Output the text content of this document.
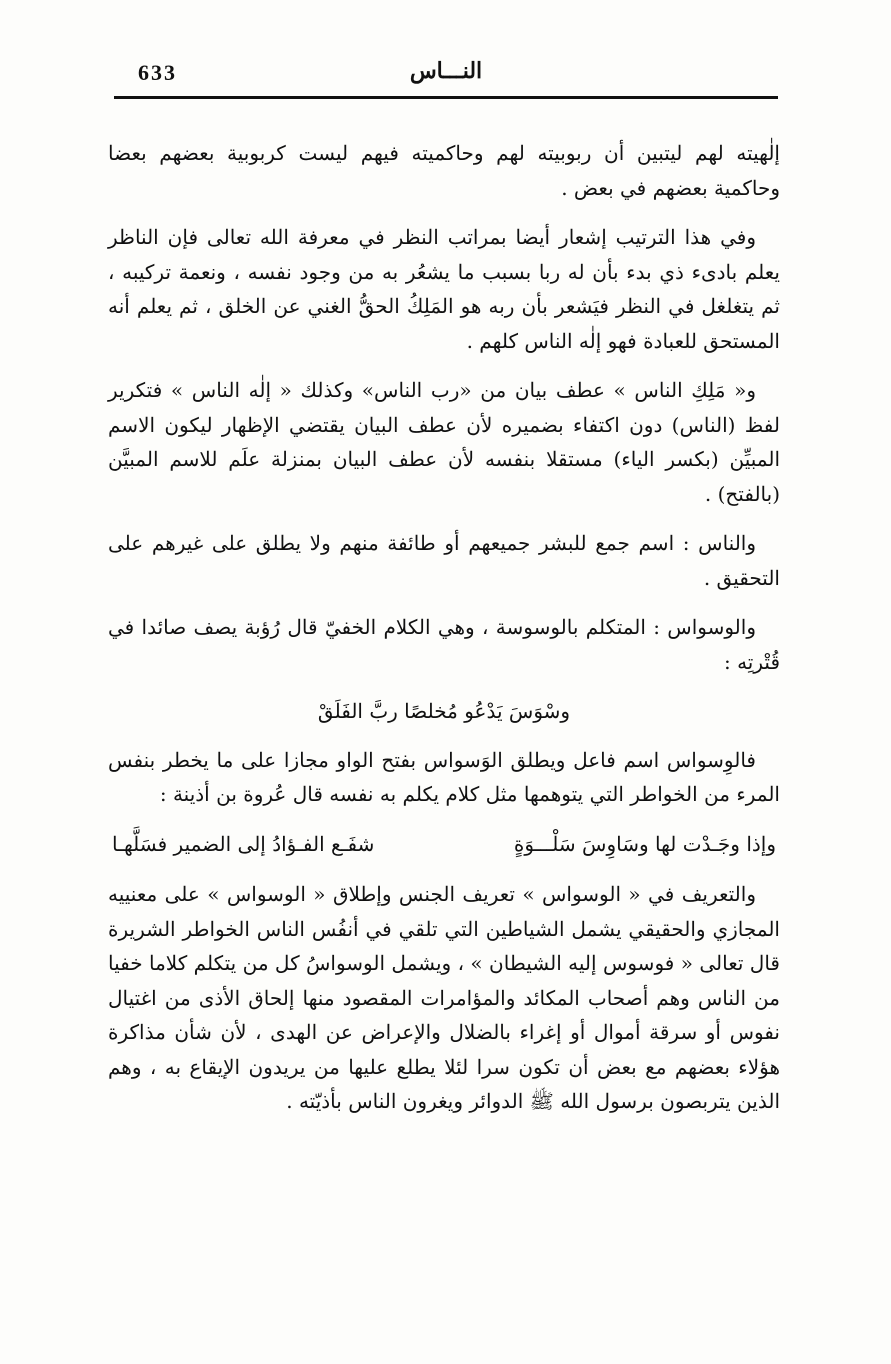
633	النـــاس

إلٰهيته لهم ليتبين أن ربوبيته لهم وحاكميته فيهم ليست كربوبية بعضهم بعضا وحاكمية بعضهم في بعض .

وفي هذا الترتيب إشعار أيضا بمراتب النظر في معرفة الله تعالى فإن الناظر يعلم بادىء ذي بدء بأن له ربا بسبب ما يشعُر به من وجود نفسه ، ونعمة تركيبه ، ثم يتغلغل في النظر فيَشعر بأن ربه هو المَلِكُ الحقُّ الغني عن الخلق ، ثم يعلم أنه المستحق للعبادة فهو إلٰه الناس كلهم .

و« مَلِكِ الناس » عطف بيان من «رب الناس» وكذلك « إلٰه الناس » فتكرير لفظ (الناس) دون اكتفاء بضميره لأن عطف البيان يقتضي الإظهار ليكون الاسم المبيِّن (بكسر الياء) مستقلا بنفسه لأن عطف البيان بمنزلة علَم للاسم المبيَّن (بالفتح) .

والناس : اسم جمع للبشر جميعهم أو طائفة منهم ولا يطلق على غيرهم على التحقيق .

والوسواس : المتكلم بالوسوسة ، وهي الكلام الخفيّ قال رُؤبة يصف صائدا في قُتْرتِه :

وسْوَسَ يَدْعُو مُخلصًا ربَّ الفَلَقْ

فالوِسواس اسم فاعل ويطلق الوَسواس بفتح الواو مجازا على ما يخطر بنفس المرء من الخواطر التي يتوهمها مثل كلام يكلم به نفسه قال عُروة بن أذينة :

وإذا وجَـدْت لها وسَاوِسَ سَلْـــوَةٍ
شفَـع الفـؤادُ إلى الضمير فسَلَّهـا

والتعريف في « الوسواس » تعريف الجنس وإطلاق « الوسواس » على معنييه المجازي والحقيقي يشمل الشياطين التي تلقي في أنفُس الناس الخواطر الشريرة قال تعالى « فوسوس إليه الشيطان » ، ويشمل الوسواسُ كل من يتكلم كلاما خفيا من الناس وهم أصحاب المكائد والمؤامرات المقصود منها إلحاق الأذى من اغتيال نفوس أو سرقة أموال أو إغراء بالضلال والإعراض عن الهدى ، لأن شأن مذاكرة هؤلاء بعضهم مع بعض أن تكون سرا لئلا يطلع عليها من يريدون الإيقاع به ، وهم الذين يتربصون برسول الله ﷺ الدوائر ويغرون الناس بأذيّته .
